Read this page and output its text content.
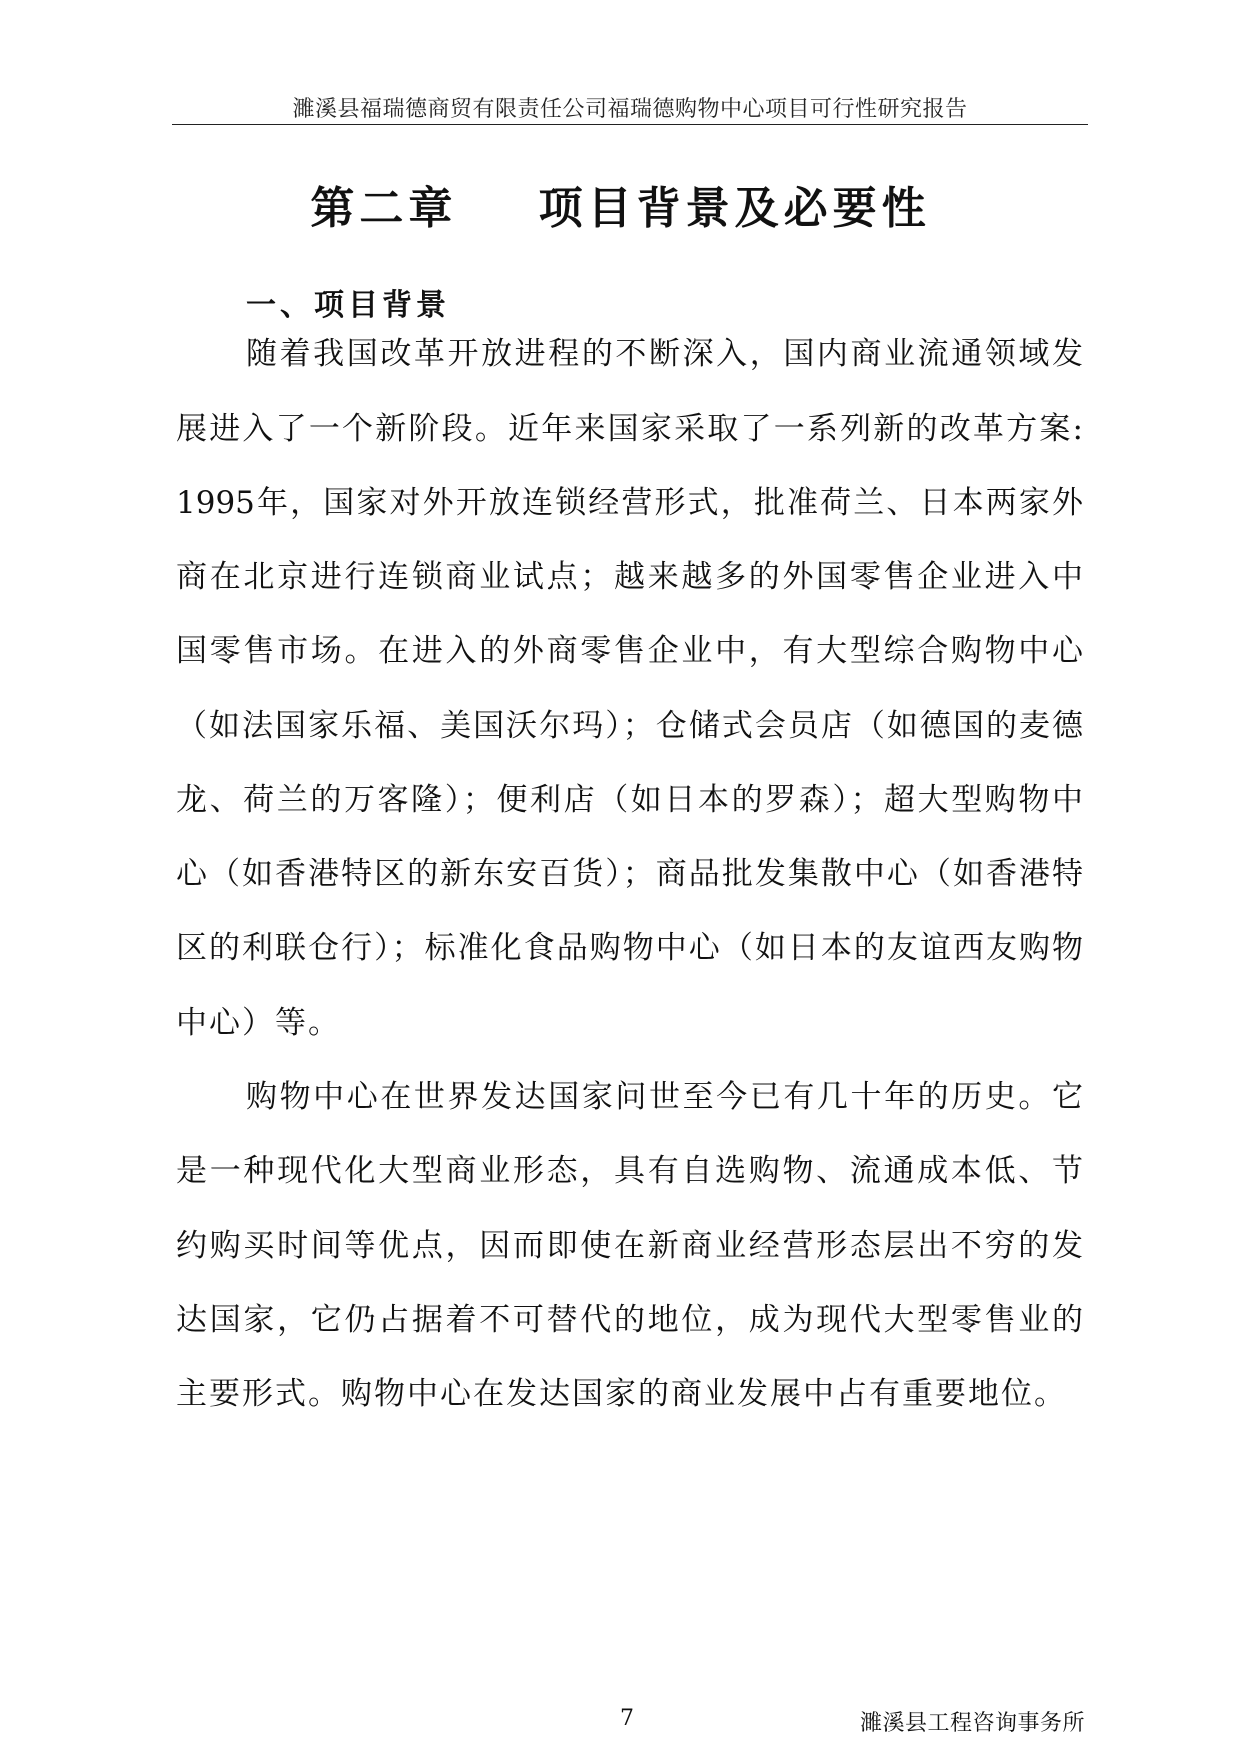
濉溪县福瑞德商贸有限责任公司福瑞德购物中心项目可行性研究报告
第二章    项目背景及必要性
一、项目背景
随着我国改革开放进程的不断深入，国内商业流通领域发
展进入了一个新阶段。近年来国家采取了一系列新的改革方案:
1995年，国家对外开放连锁经营形式，批准荷兰、日本两家外
商在北京进行连锁商业试点；越来越多的外国零售企业进入中
国零售市场。在进入的外商零售企业中，有大型综合购物中心
（如法国家乐福、美国沃尔玛）；仓储式会员店（如德国的麦德
龙、荷兰的万客隆）；便利店（如日本的罗森）；超大型购物中
心（如香港特区的新东安百货）；商品批发集散中心（如香港特
区的利联仓行）；标准化食品购物中心（如日本的友谊西友购物
中心）等。
购物中心在世界发达国家问世至今已有几十年的历史。它
是一种现代化大型商业形态，具有自选购物、流通成本低、节
约购买时间等优点，因而即使在新商业经营形态层出不穷的发
达国家，它仍占据着不可替代的地位，成为现代大型零售业的
主要形式。购物中心在发达国家的商业发展中占有重要地位。
7	濉溪县工程咨询事务所
